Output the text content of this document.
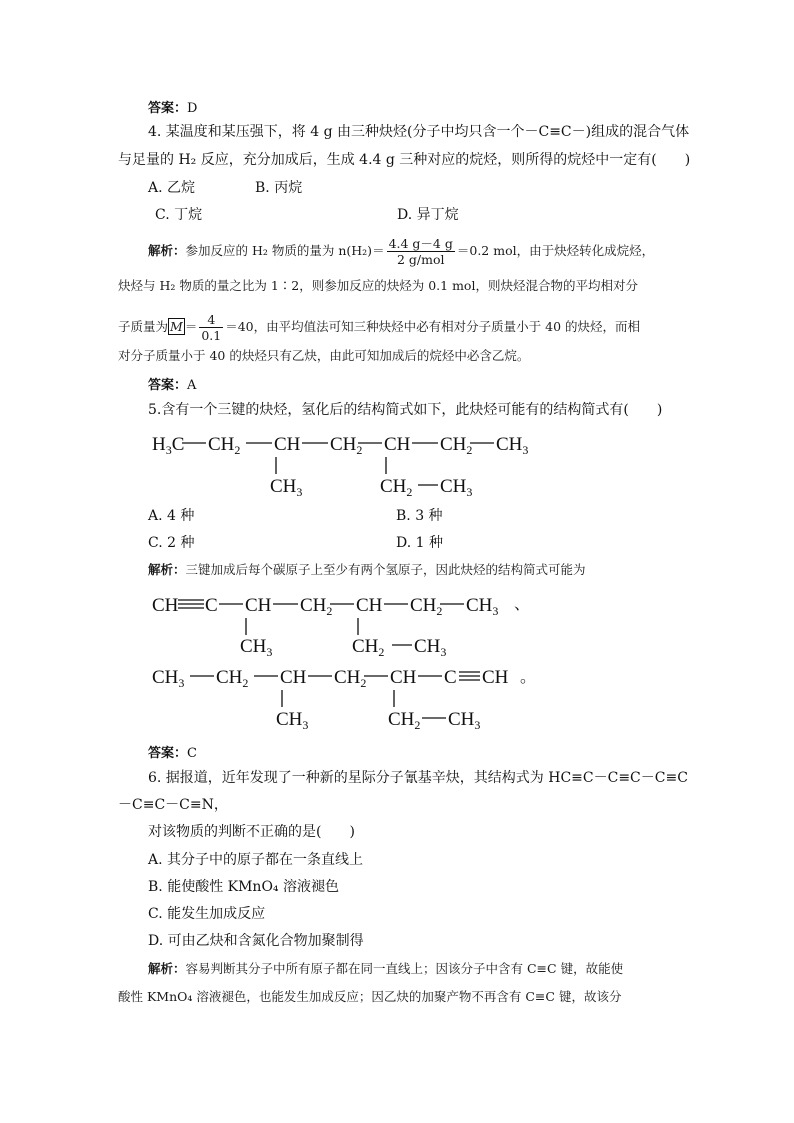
答案：D
4. 某温度和某压强下，将 4 g 由三种炔烃(分子中均只含一个－C≡C－)组成的混合气体
与足量的 H₂ 反应，充分加成后，生成 4.4 g 三种对应的烷烃，则所得的烷烃中一定有(　　)
A. 乙烷	B. 丙烷
C. 丁烷	D. 异丁烷
解析：参加反应的 H₂ 物质的量为 $n(H_2)= \frac{4.4 g-4 g}{\text{2 g/mol}} =0.2$ mol，由于炔烃转化成烷烃，
炔烃与 H₂ 物质的量之比为 1∶2，则参加反应的炔烃为 0.1 mol，则炔烃混合物的平均相对分
子质量为 $M = \frac{4}{0.1} =40$，由平均值法可知三种炔烃中必有相对分子质量小于 40 的炔烃，而相
对分子质量小于 40 的炔烃只有乙炔，由此可知加成后的烷烃中必含乙烷。
答案：A
5.含有一个三键的炔烃，氢化后的结构简式如下，此炔烃可能有的结构简式有(　　)
$H_3C$ $CH_2$ CH $CH_2$ CH $CH_2$ $CH_3$
$CH_3$	$CH_2$ $CH_3$
CH C CH $CH_2$ CH $CH_2$ $CH_3$
$CH_3$	$CH_2$ $CH_3$
$CH_3$ $CH_2$ CH $CH_2$ CH C CH
$CH_3$	$CH_2$ $CH_3$
A. 4 种	B. 3 种
C. 2 种	D. 1 种
解析：三键加成后每个碳原子上至少有两个氢原子，因此炔烃的结构简式可能为
、
。
答案：C
6. 据报道，近年发现了一种新的星际分子氰基辛炔，其结构式为 HC≡C－C≡C－C≡C
－C≡C－C≡N，
对该物质的判断不正确的是(　　)
A. 其分子中的原子都在一条直线上
B. 能使酸性 KMnO₄ 溶液褪色
C. 能发生加成反应
D. 可由乙炔和含氮化合物加聚制得
解析：容易判断其分子中所有原子都在同一直线上；因该分子中含有 C≡C 键，故能使
酸性 KMnO₄ 溶液褪色，也能发生加成反应；因乙炔的加聚产物不再含有 C≡C 键，故该分
